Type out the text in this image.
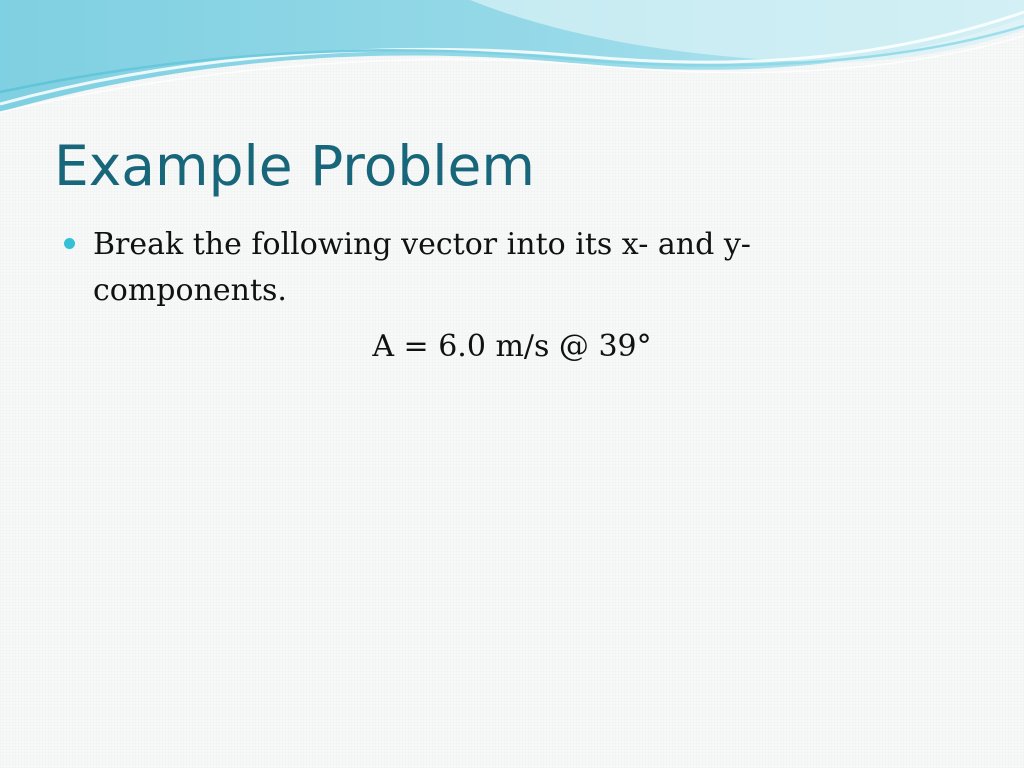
Example Problem
Break the following vector into its x- and y-components.
A = 6.0 m/s @ 39°
